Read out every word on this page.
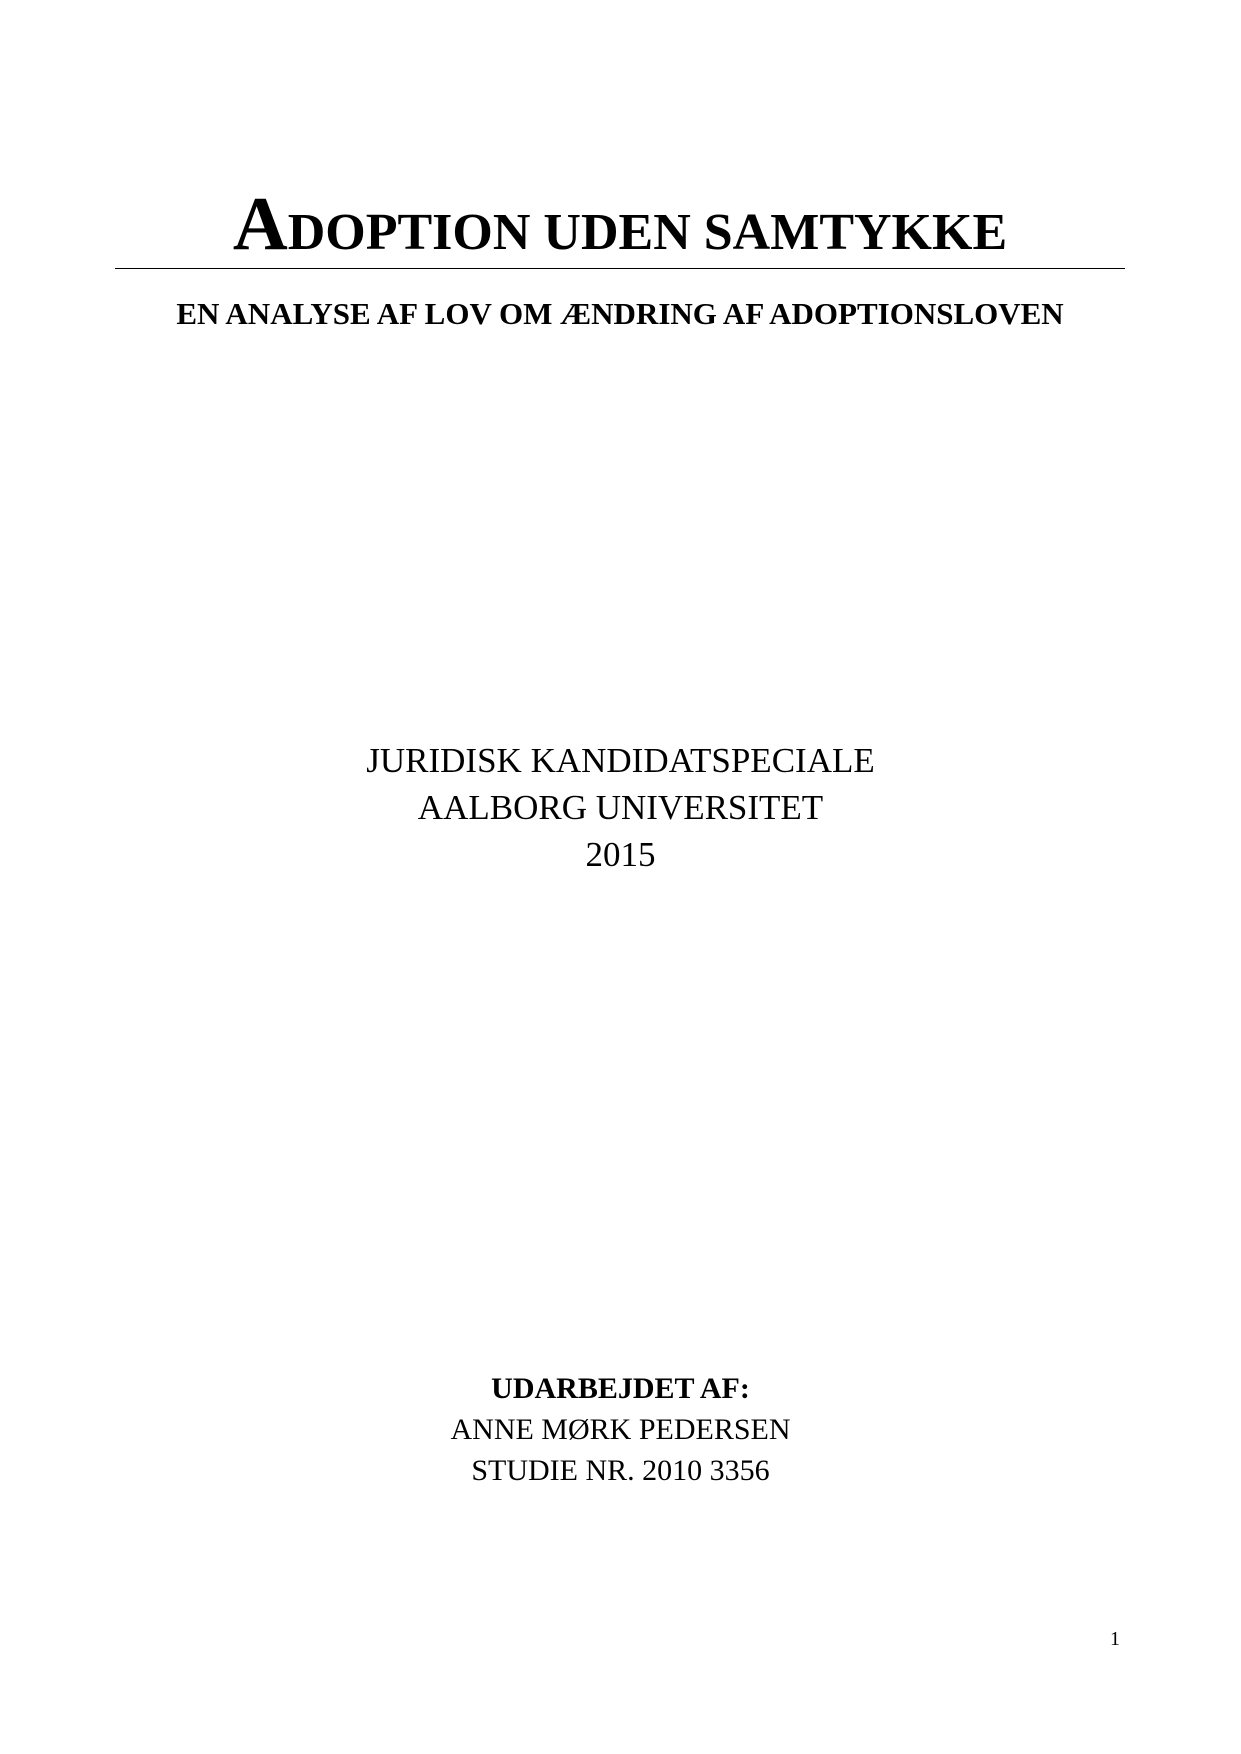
ADOPTION UDEN SAMTYKKE
EN ANALYSE AF LOV OM ÆNDRING AF ADOPTIONSLOVEN
JURIDISK KANDIDATSPECIALE
AALBORG UNIVERSITET
2015
UDARBEJDET AF:
ANNE MØRK PEDERSEN
STUDIE NR. 2010 3356
1
